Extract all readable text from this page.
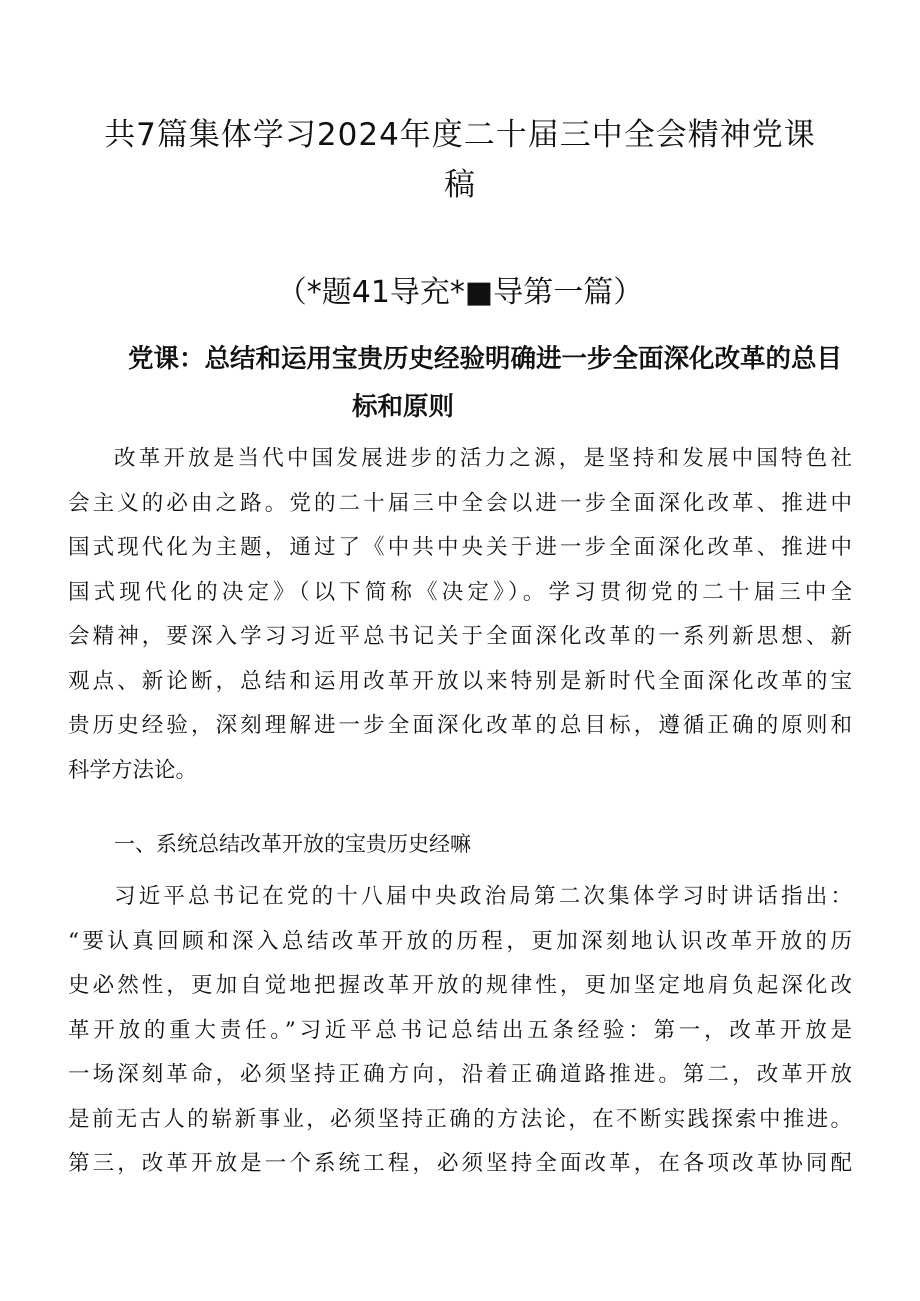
共7篇集体学习2024年度二十届三中全会精神党课
稿
（*题41导充*■导第一篇）
党课：总结和运用宝贵历史经验明确进一步全面深化改革的总目
标和原则
改革开放是当代中国发展进步的活力之源，是坚持和发展中国特色社
会主义的必由之路。党的二十届三中全会以进一步全面深化改革、推进中
国式现代化为主题，通过了《中共中央关于进一步全面深化改革、推进中
国式现代化的决定》（以下简称《决定》）。学习贯彻党的二十届三中全
会精神，要深入学习习近平总书记关于全面深化改革的一系列新思想、新
观点、新论断，总结和运用改革开放以来特别是新时代全面深化改革的宝
贵历史经验，深刻理解进一步全面深化改革的总目标，遵循正确的原则和
科学方法论。
一、系统总结改革开放的宝贵历史经嘛
习近平总书记在党的十八届中央政治局第二次集体学习时讲话指出：
“要认真回顾和深入总结改革开放的历程，更加深刻地认识改革开放的历
史必然性，更加自觉地把握改革开放的规律性，更加坚定地肩负起深化改
革开放的重大责任。”习近平总书记总结出五条经验：第一，改革开放是
一场深刻革命，必须坚持正确方向，沿着正确道路推进。第二，改革开放
是前无古人的崭新事业，必须坚持正确的方法论，在不断实践探索中推进。
第三，改革开放是一个系统工程，必须坚持全面改革，在各项改革协同配
